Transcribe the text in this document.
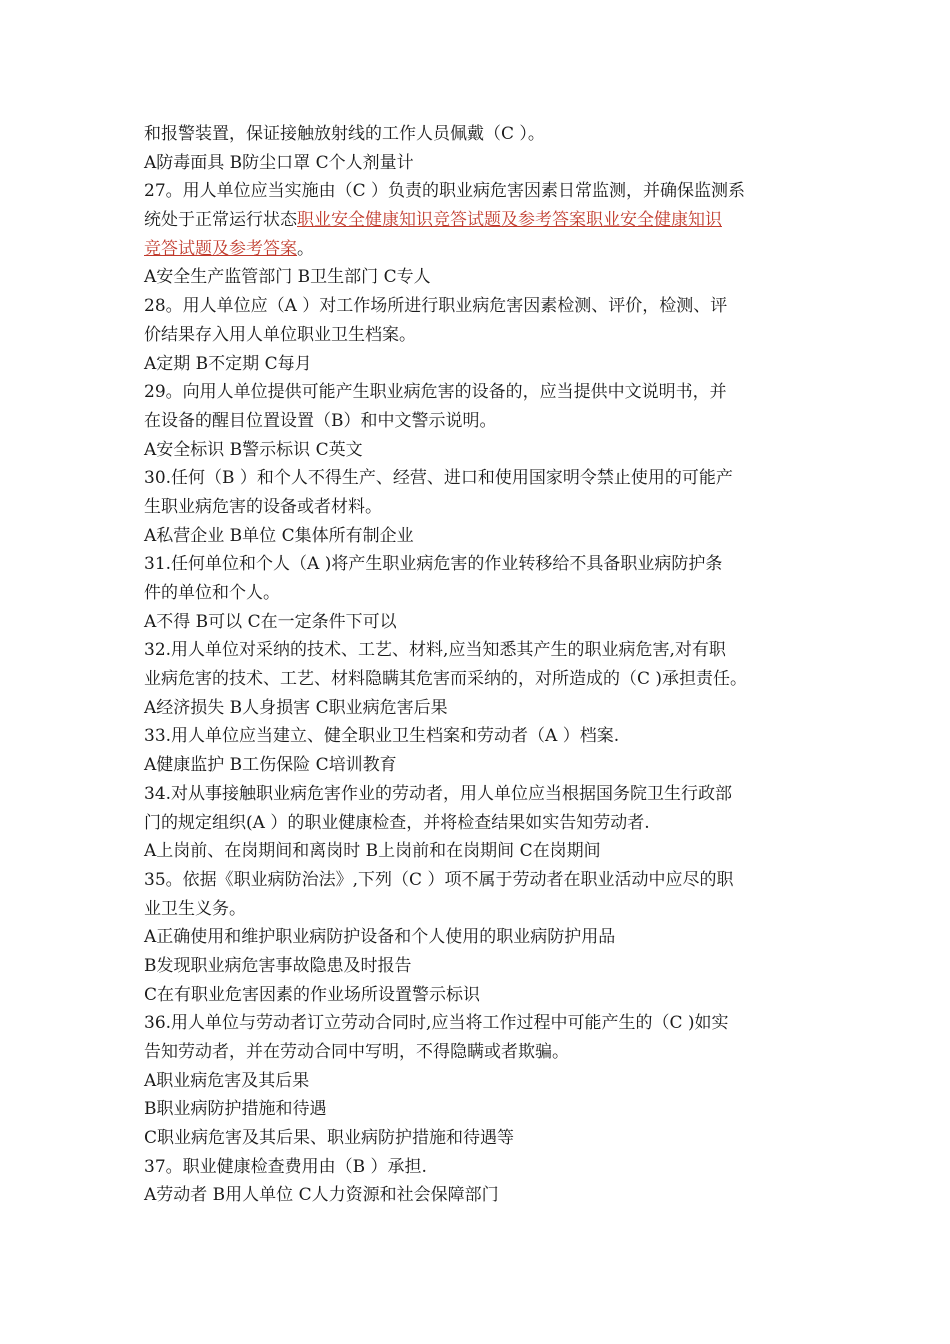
和报警装置，保证接触放射线的工作人员佩戴（C ）。

A防毒面具 B防尘口罩 C个人剂量计

27。用人单位应当实施由（C ）负责的职业病危害因素日常监测，并确保监测系

统处于正常运行状态职业安全健康知识竞答试题及参考答案职业安全健康知识

竞答试题及参考答案。

A安全生产监管部门 B卫生部门 C专人

28。用人单位应（A ）对工作场所进行职业病危害因素检测、评价，检测、评

价结果存入用人单位职业卫生档案。

A定期 B不定期 C每月

29。向用人单位提供可能产生职业病危害的设备的，应当提供中文说明书，并

在设备的醒目位置设置（B）和中文警示说明。

A安全标识 B警示标识 C英文

30.任何（B ）和个人不得生产、经营、进口和使用国家明令禁止使用的可能产

生职业病危害的设备或者材料。

A私营企业 B单位 C集体所有制企业

31.任何单位和个人（A )将产生职业病危害的作业转移给不具备职业病防护条

件的单位和个人。

A不得 B可以 C在一定条件下可以

32.用人单位对采纳的技术、工艺、材料,应当知悉其产生的职业病危害,对有职

业病危害的技术、工艺、材料隐瞒其危害而采纳的，对所造成的（C )承担责任。

A经济损失 B人身损害 C职业病危害后果

33.用人单位应当建立、健全职业卫生档案和劳动者（A ）档案.

A健康监护 B工伤保险 C培训教育

34.对从事接触职业病危害作业的劳动者，用人单位应当根据国务院卫生行政部

门的规定组织(A ）的职业健康检查，并将检查结果如实告知劳动者.

A上岗前、在岗期间和离岗时 B上岗前和在岗期间 C在岗期间

35。依据《职业病防治法》,下列（C ）项不属于劳动者在职业活动中应尽的职

业卫生义务。

A正确使用和维护职业病防护设备和个人使用的职业病防护用品

B发现职业病危害事故隐患及时报告

C在有职业危害因素的作业场所设置警示标识

36.用人单位与劳动者订立劳动合同时,应当将工作过程中可能产生的（C )如实

告知劳动者，并在劳动合同中写明，不得隐瞒或者欺骗。

A职业病危害及其后果

B职业病防护措施和待遇

C职业病危害及其后果、职业病防护措施和待遇等

37。职业健康检查费用由（B ）承担.

A劳动者 B用人单位 C人力资源和社会保障部门
